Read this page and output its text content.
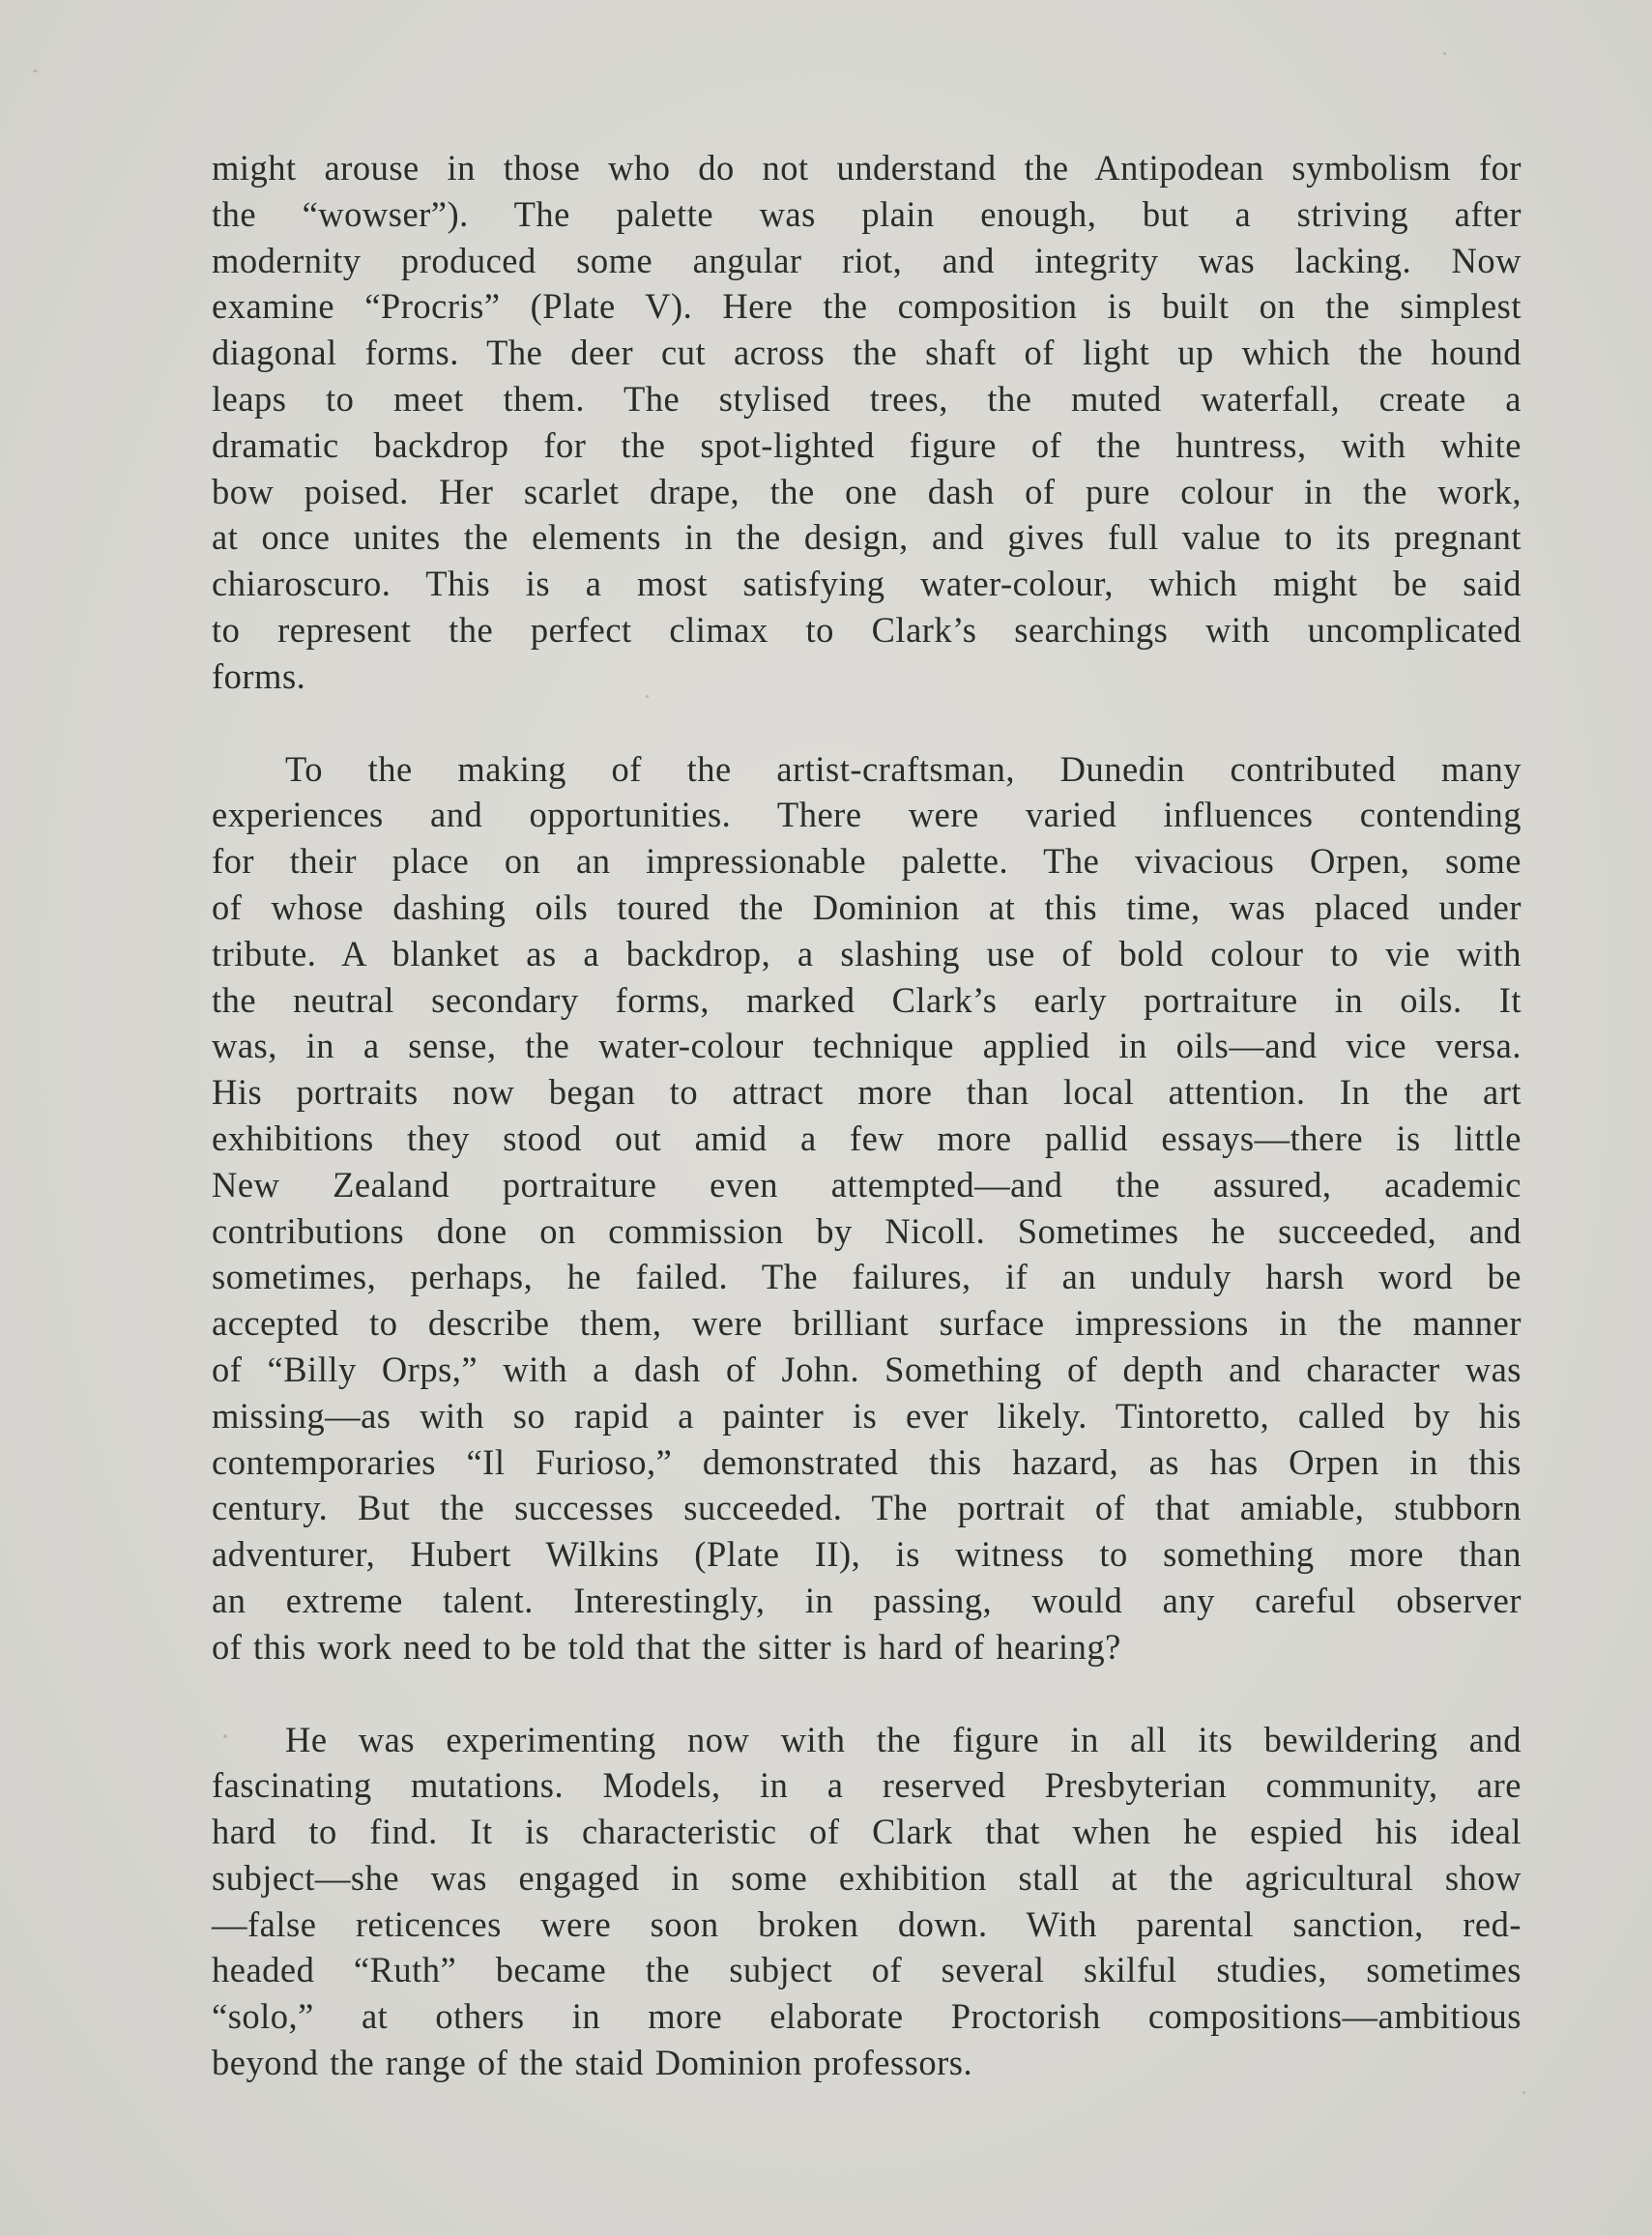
might arouse in those who do not understand the Antipodean symbolism for
the “wowser”). The palette was plain enough, but a striving after
modernity produced some angular riot, and integrity was lacking. Now
examine “Procris” (Plate V). Here the composition is built on the simplest
diagonal forms. The deer cut across the shaft of light up which the hound
leaps to meet them. The stylised trees, the muted waterfall, create a
dramatic backdrop for the spot-lighted figure of the huntress, with white
bow poised. Her scarlet drape, the one dash of pure colour in the work,
at once unites the elements in the design, and gives full value to its pregnant
chiaroscuro. This is a most satisfying water-colour, which might be said
to represent the perfect climax to Clark’s searchings with uncomplicated
forms.

To the making of the artist-craftsman, Dunedin contributed many
experiences and opportunities. There were varied influences contending
for their place on an impressionable palette. The vivacious Orpen, some
of whose dashing oils toured the Dominion at this time, was placed under
tribute. A blanket as a backdrop, a slashing use of bold colour to vie with
the neutral secondary forms, marked Clark’s early portraiture in oils. It
was, in a sense, the water-colour technique applied in oils—and vice versa.
His portraits now began to attract more than local attention. In the art
exhibitions they stood out amid a few more pallid essays—there is little
New Zealand portraiture even attempted—and the assured, academic
contributions done on commission by Nicoll. Sometimes he succeeded, and
sometimes, perhaps, he failed. The failures, if an unduly harsh word be
accepted to describe them, were brilliant surface impressions in the manner
of “Billy Orps,” with a dash of John. Something of depth and character was
missing—as with so rapid a painter is ever likely. Tintoretto, called by his
contemporaries “Il Furioso,” demonstrated this hazard, as has Orpen in this
century. But the successes succeeded. The portrait of that amiable, stubborn
adventurer, Hubert Wilkins (Plate II), is witness to something more than
an extreme talent. Interestingly, in passing, would any careful observer
of this work need to be told that the sitter is hard of hearing?

He was experimenting now with the figure in all its bewildering and
fascinating mutations. Models, in a reserved Presbyterian community, are
hard to find. It is characteristic of Clark that when he espied his ideal
subject—she was engaged in some exhibition stall at the agricultural show
—false reticences were soon broken down. With parental sanction, red-
headed “Ruth” became the subject of several skilful studies, sometimes
“solo,” at others in more elaborate Proctorish compositions—ambitious
beyond the range of the staid Dominion professors.
